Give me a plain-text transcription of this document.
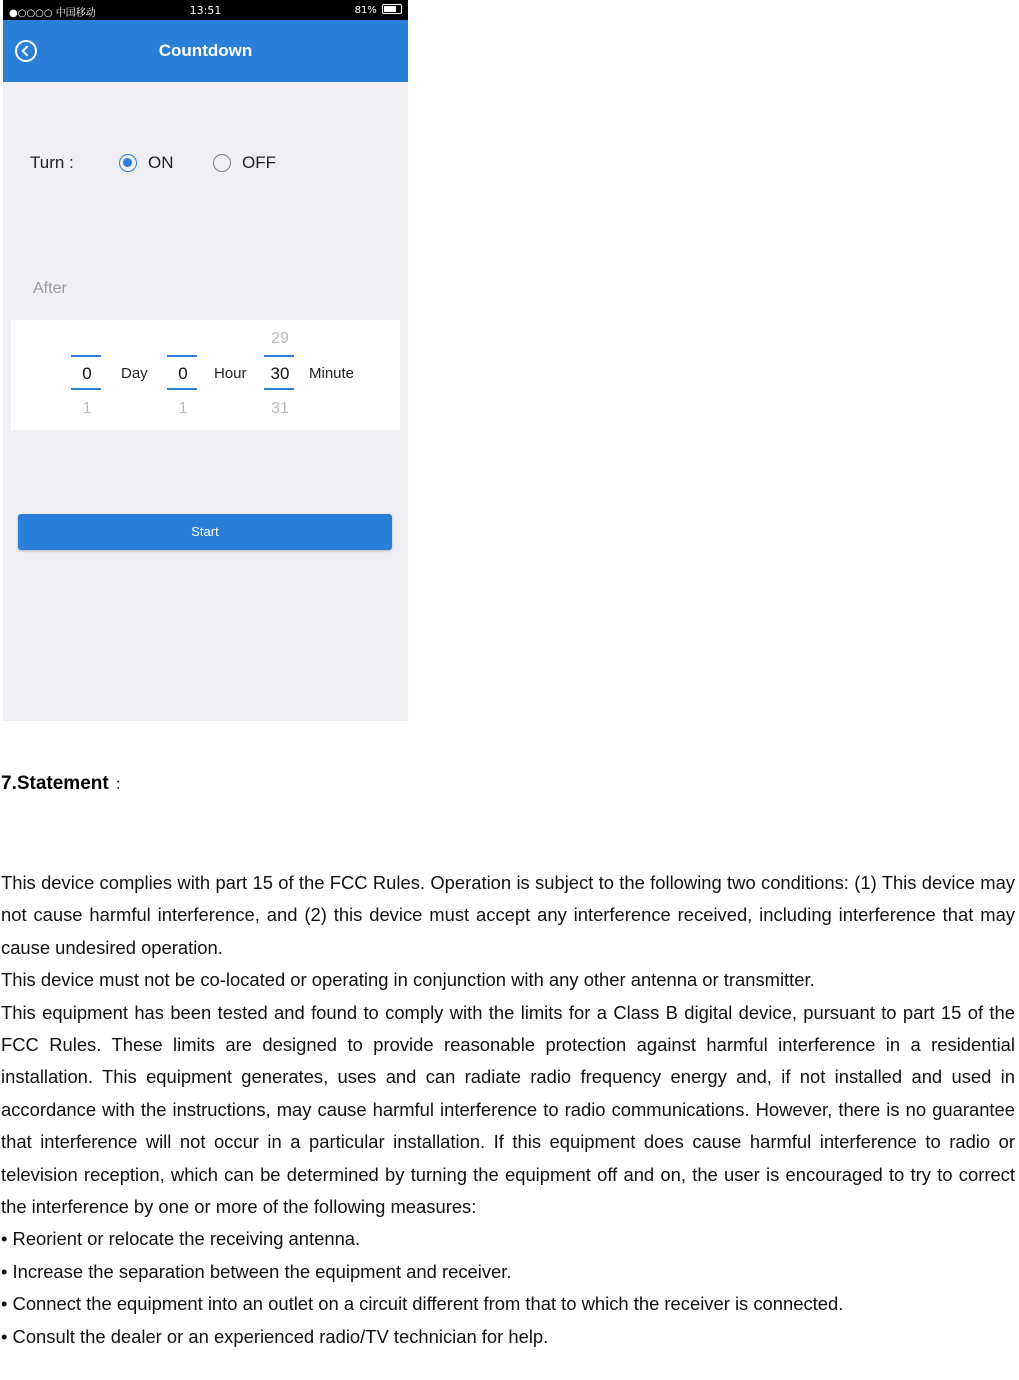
●○○○○ 中国移动	13:51	81%
Countdown
Turn :	ON	OFF
After
0
1
Day	0
1
Hour
29
30
31
Minute
Start
7.Statement ：

This device complies with part 15 of the FCC Rules. Operation is subject to the following two conditions: (1) This device may not cause harmful interference, and (2) this device must accept any interference received, including interference that may cause undesired operation.

This device must not be co-located or operating in conjunction with any other antenna or transmitter.

This equipment has been tested and found to comply with the limits for a Class B digital device, pursuant to part 15 of the FCC Rules. These limits are designed to provide reasonable protection against harmful interference in a residential installation. This equipment generates, uses and can radiate radio frequency energy and, if not installed and used in accordance with the instructions, may cause harmful interference to radio communications. However, there is no guarantee that interference will not occur in a particular installation. If this equipment does cause harmful interference to radio or television reception, which can be determined by turning the equipment off and on, the user is encouraged to try to correct the interference by one or more of the following measures:

• Reorient or relocate the receiving antenna.

• Increase the separation between the equipment and receiver.

• Connect the equipment into an outlet on a circuit different from that to which the receiver is connected.

• Consult the dealer or an experienced radio/TV technician for help.
